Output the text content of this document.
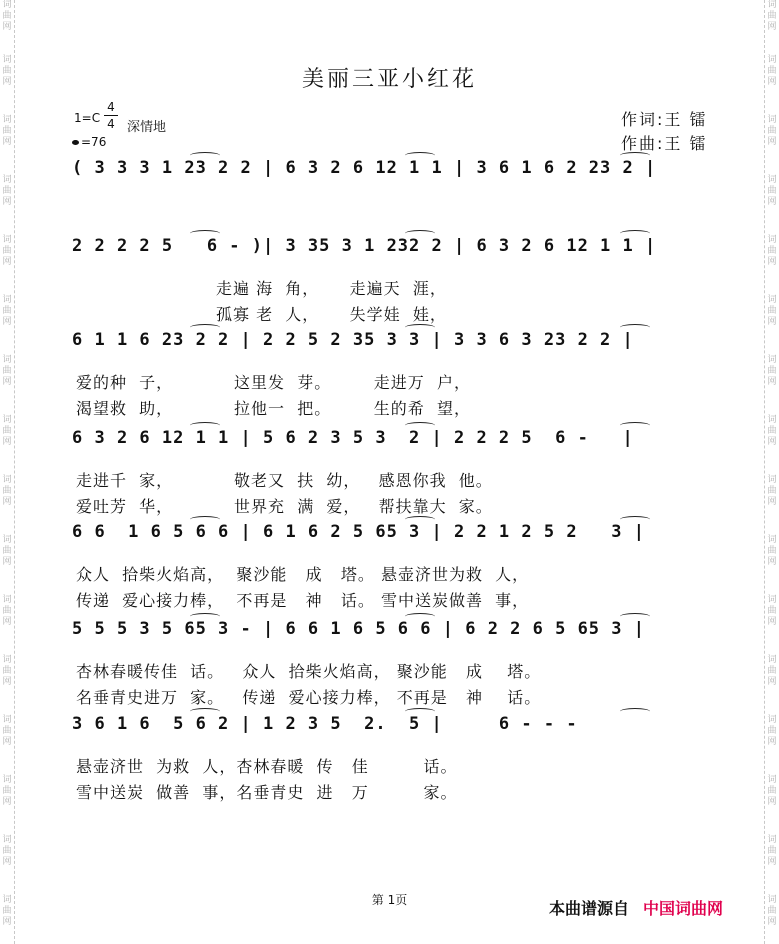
美丽三亚小红花
1=C
4
4 深情地
=76
作词:王 镭
作曲:王 镭
( 3 3 3 1 23 2 2 | 6 3 2 6 12 1 1 | 3 6 1 6 2 23 2 |
2 2 2 2 5   6 - )| 3 35 3 1 232 2 | 6 3 2 6 12 1 1 |
走遍 海  角，     走遍天  涯，
孤寡 老  人，     失学娃  娃，
6 1 1 6 23 2 2 | 2 2 5 2 35 3 3 | 3 3 6 3 23 2 2 |
爱的种  子，          这里发  芽。       走进万  户，
渴望救  助，          拉他一  把。       生的希  望，
6 3 2 6 12 1 1 | 5 6 2 3 5 3  2 | 2 2 2 5  6 -   |
走进千  家，          敬老又  扶  幼，   感恩你我  他。
爱吐芳  华，          世界充  满  爱，   帮扶靠大  家。
6 6  1 6 5 6 6 | 6 1 6 2 5 65 3 | 2 2 1 2 5 2   3 |
众人  拾柴火焰高，  聚沙能   成   塔。 悬壶济世为救  人，
传递  爱心接力棒，  不再是   神   话。 雪中送炭做善  事，
5 5 5 3 5 65 3 - | 6 6 1 6 5 6 6 | 6 2 2 6 5 65 3 |
杏林春暖传佳  话。   众人  拾柴火焰高， 聚沙能   成    塔。
名垂青史进万  家。   传递  爱心接力棒， 不再是   神    话。
3 6 1 6  5 6 2 | 1 2 3 5  2.  5 |     6 - - -
悬壶济世  为救  人，杏林春暖  传   佳         话。
雪中送炭  做善  事，名垂青史  进   万         家。
第 1页	本曲谱源自 中国词曲网
词
曲
网
词
曲
网
词
曲
网
词
曲
网
词
曲
网
词
曲
网
词
曲
网
词
曲
网
词
曲
网
词
曲
网
词
曲
网
词
曲
网
词
曲
网
词
曲
网
词
曲
网
词
曲
网
词
曲
网
词
曲
网
词
曲
网
词
曲
网
词
曲
网
词
曲
网
词
曲
网
词
曲
网
词
曲
网
词
曲
网
词
曲
网
词
曲
网
词
曲
网
词
曲
网
词
曲
网
词
曲
网
